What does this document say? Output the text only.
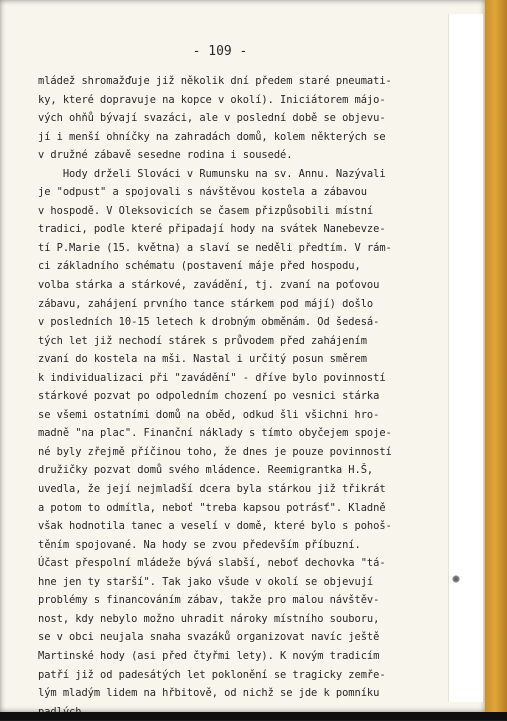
- 109 -
mládež shromažďuje již několik dní předem staré pneumati-
ky, které dopravuje na kopce v okolí). Iniciátorem májo-
vých ohňů bývají svazáci, ale v poslední době se objevu-
jí i menší ohníčky na zahradách domů, kolem některých se
v družné zábavě sesedne rodina i sousedé.
Hody drželi Slováci v Rumunsku na sv. Annu. Nazývali
je "odpust" a spojovali s návštěvou kostela a zábavou
v hospodě. V Oleksovicích se časem přizpůsobili místní
tradici, podle které připadají hody na svátek Nanebevze-
tí P.Marie (15. května) a slaví se neděli předtím. V rám-
ci základního schématu (postavení máje před hospodu,
volba stárka a stárkové, zavádění, tj. zvaní na poťovou
zábavu, zahájení prvního tance stárkem pod májí) došlo
v posledních 10-15 letech k drobným obměnám. Od šedesá-
tých let již nechodí stárek s průvodem před zahájením
zvaní do kostela na mši. Nastal i určitý posun směrem
k individualizaci při "zavádění" - dříve bylo povinností
stárkové pozvat po odpoledním chození po vesnici stárka
se všemi ostatními domů na oběd, odkud šli všichni hro-
madně "na plac". Finanční náklady s tímto obyčejem spoje-
né byly zřejmě příčinou toho, že dnes je pouze povinností
družičky pozvat domů svého mládence. Reemigrantka H.Š,
uvedla, že její nejmladší dcera byla stárkou již třikrát
a potom to odmítla, neboť "treba kapsou potrásť". Kladně
však hodnotila tanec a veselí v domě, které bylo s pohoš-
těním spojované. Na hody se zvou především příbuzní.
Účast přespolní mládeže bývá slabší, neboť dechovka "tá-
hne jen ty starší". Tak jako všude v okolí se objevují
problémy s financováním zábav, takže pro malou návštěv-
nost, kdy nebylo možno uhradit nároky místního souboru,
se v obci neujala snaha svazáků organizovat navíc ještě
Martinské hody (asi před čtyřmi lety). K novým tradicím
patří již od padesátých let poklonění se tragicky zemře-
lým mladým lidem na hřbitově, od nichž se jde k pomníku
